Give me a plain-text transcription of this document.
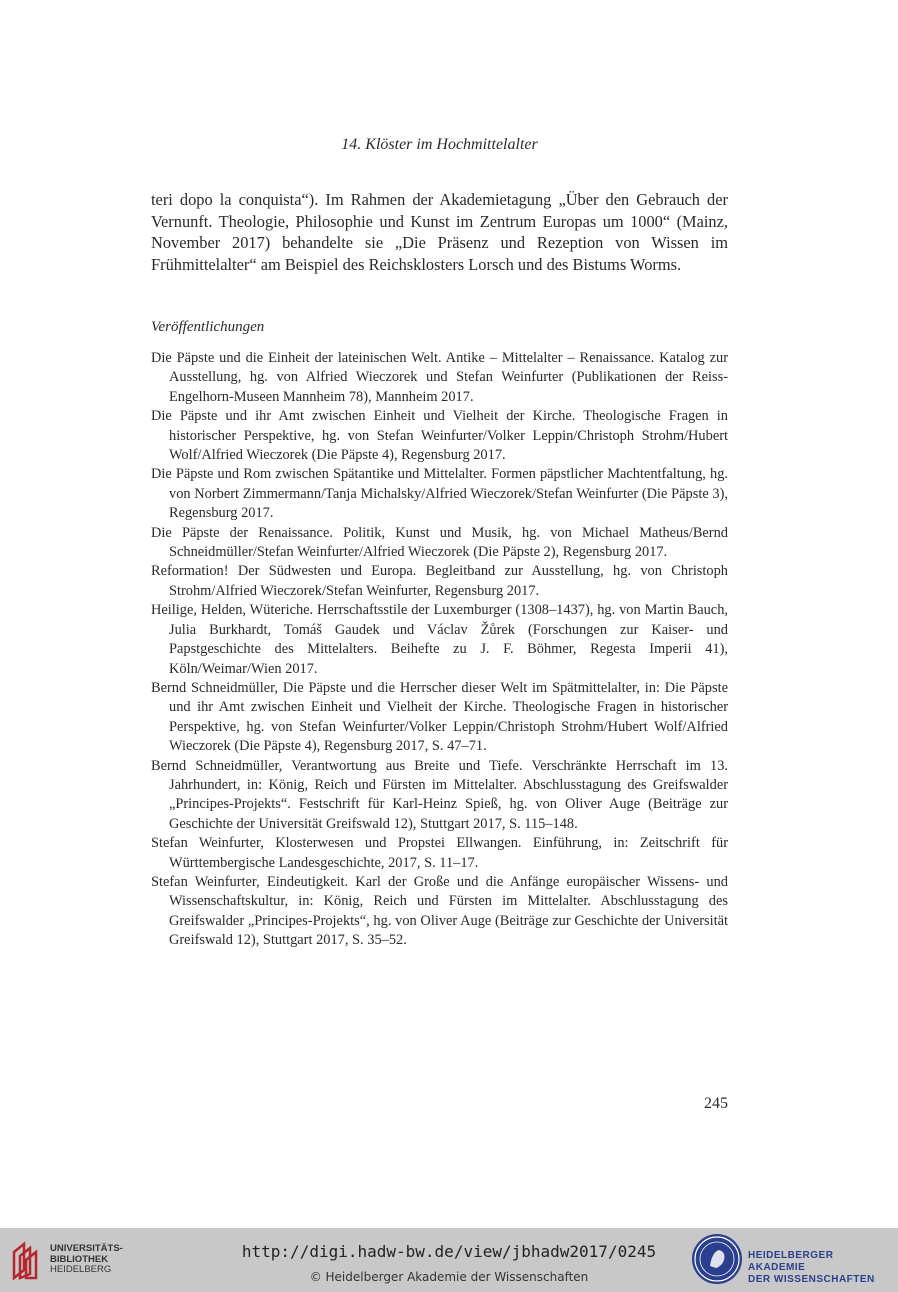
14. Klöster im Hochmittelalter

teri dopo la conquista“). Im Rahmen der Akademietagung „Über den Gebrauch der Vernunft. Theologie, Philosophie und Kunst im Zentrum Europas um 1000“ (Mainz, November 2017) behandelte sie „Die Präsenz und Rezeption von Wissen im Frühmittelalter“ am Beispiel des Reichsklosters Lorsch und des Bistums Worms.

Veröffentlichungen
Die Päpste und die Einheit der lateinischen Welt. Antike – Mittelalter – Renaissance. Katalog zur Ausstellung, hg. von Alfried Wieczorek und Stefan Weinfurter (Publikationen der Reiss-Engelhorn-Museen Mannheim 78), Mannheim 2017.
Die Päpste und ihr Amt zwischen Einheit und Vielheit der Kirche. Theologische Fragen in historischer Perspektive, hg. von Stefan Weinfurter/Volker Leppin/Christoph Strohm/Hubert Wolf/Alfried Wieczorek (Die Päpste 4), Regensburg 2017.
Die Päpste und Rom zwischen Spätantike und Mittelalter. Formen päpstlicher Machtentfaltung, hg. von Norbert Zimmermann/Tanja Michalsky/Alfried Wieczorek/Stefan Weinfurter (Die Päpste 3), Regensburg 2017.
Die Päpste der Renaissance. Politik, Kunst und Musik, hg. von Michael Matheus/Bernd Schneidmüller/Stefan Weinfurter/Alfried Wieczorek (Die Päpste 2), Regensburg 2017.
Reformation! Der Südwesten und Europa. Begleitband zur Ausstellung, hg. von Christoph Strohm/Alfried Wieczorek/Stefan Weinfurter, Regensburg 2017.
Heilige, Helden, Wüteriche. Herrschaftsstile der Luxemburger (1308–1437), hg. von Martin Bauch, Julia Burkhardt, Tomáš Gaudek und Václav Žůrek (Forschungen zur Kaiser- und Papstgeschichte des Mittelalters. Beihefte zu J. F. Böhmer, Regesta Imperii 41), Köln/Weimar/Wien 2017.
Bernd Schneidmüller, Die Päpste und die Herrscher dieser Welt im Spätmittelalter, in: Die Päpste und ihr Amt zwischen Einheit und Vielheit der Kirche. Theologische Fragen in historischer Perspektive, hg. von Stefan Weinfurter/Volker Leppin/Christoph Strohm/Hubert Wolf/Alfried Wieczorek (Die Päpste 4), Regensburg 2017, S. 47–71.
Bernd Schneidmüller, Verantwortung aus Breite und Tiefe. Verschränkte Herrschaft im 13. Jahrhundert, in: König, Reich und Fürsten im Mittelalter. Abschlusstagung des Greifswalder „Principes-Projekts“. Festschrift für Karl-Heinz Spieß, hg. von Oliver Auge (Beiträge zur Geschichte der Universität Greifswald 12), Stuttgart 2017, S. 115–148.
Stefan Weinfurter, Klosterwesen und Propstei Ellwangen. Einführung, in: Zeitschrift für Württembergische Landesgeschichte, 2017, S. 11–17.
Stefan Weinfurter, Eindeutigkeit. Karl der Große und die Anfänge europäischer Wissens- und Wissenschaftskultur, in: König, Reich und Fürsten im Mittelalter. Abschlusstagung des Greifswalder „Principes-Projekts“, hg. von Oliver Auge (Beiträge zur Geschichte der Universität Greifswald 12), Stuttgart 2017, S. 35–52.
245
UNIVERSITÄTS-
BIBLIOTHEK
HEIDELBERG
http://digi.hadw-bw.de/view/jbhadw2017/0245
© Heidelberger Akademie der Wissenschaften
HEIDELBERGER AKADEMIE
DER WISSENSCHAFTEN
